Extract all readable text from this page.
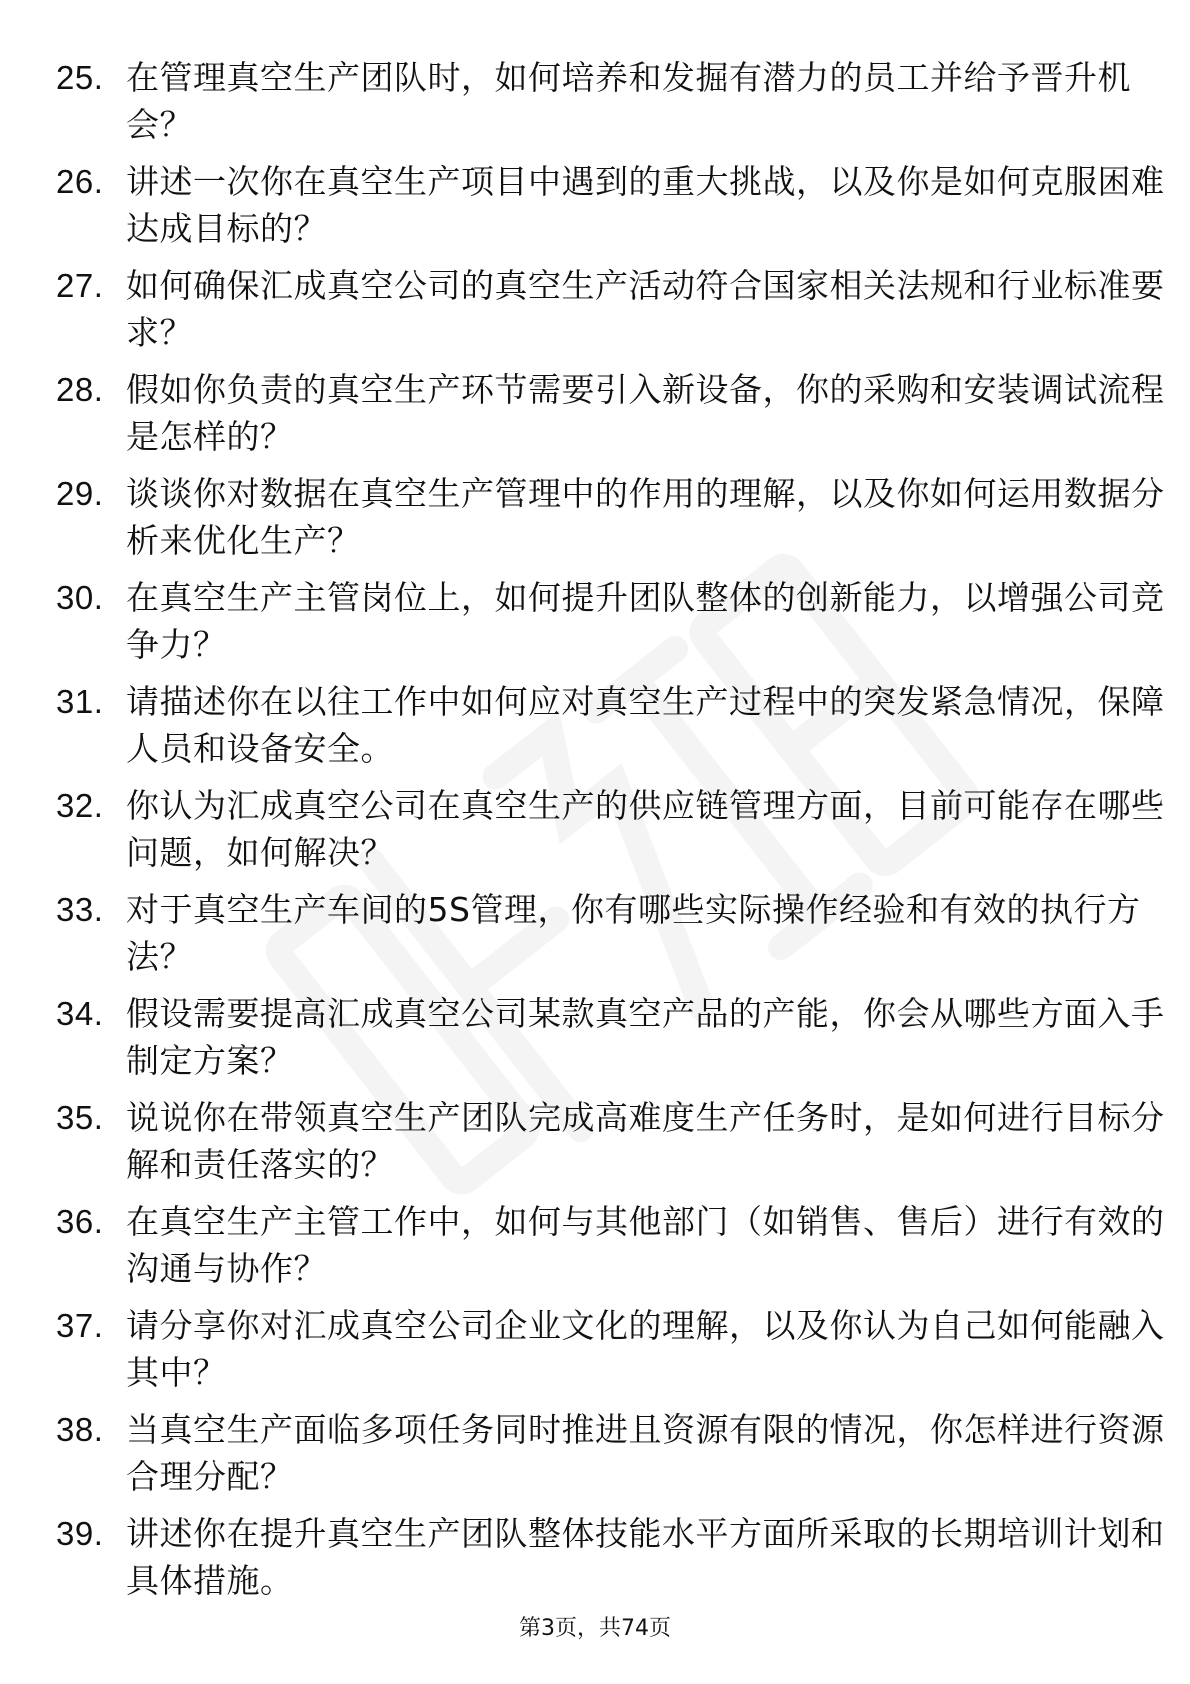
25. 在管理真空生产团队时，如何培养和发掘有潜力的员工并给予晋升机会？
26. 讲述一次你在真空生产项目中遇到的重大挑战，以及你是如何克服困难达成目标的？
27. 如何确保汇成真空公司的真空生产活动符合国家相关法规和行业标准要求？
28. 假如你负责的真空生产环节需要引入新设备，你的采购和安装调试流程是怎样的？
29. 谈谈你对数据在真空生产管理中的作用的理解，以及你如何运用数据分析来优化生产？
30. 在真空生产主管岗位上，如何提升团队整体的创新能力，以增强公司竞争力？
31. 请描述你在以往工作中如何应对真空生产过程中的突发紧急情况，保障人员和设备安全。
32. 你认为汇成真空公司在真空生产的供应链管理方面，目前可能存在哪些问题，如何解决？
33. 对于真空生产车间的5S管理，你有哪些实际操作经验和有效的执行方法？
34. 假设需要提高汇成真空公司某款真空产品的产能，你会从哪些方面入手制定方案？
35. 说说你在带领真空生产团队完成高难度生产任务时，是如何进行目标分解和责任落实的？
36. 在真空生产主管工作中，如何与其他部门（如销售、售后）进行有效的沟通与协作？
37. 请分享你对汇成真空公司企业文化的理解，以及你认为自己如何能融入其中？
38. 当真空生产面临多项任务同时推进且资源有限的情况，你怎样进行资源合理分配？
39. 讲述你在提升真空生产团队整体技能水平方面所采取的长期培训计划和具体措施。
第3页，共74页
